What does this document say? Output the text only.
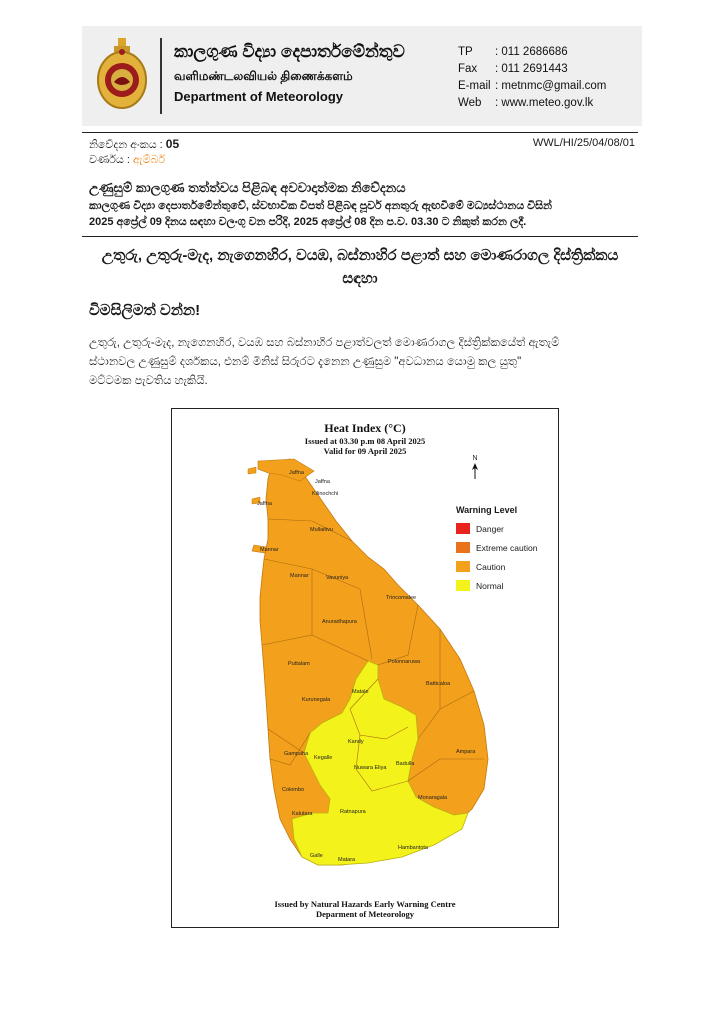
කාලගුණ විද්‍යා දෙපාර්තමේන්තුව
வளிமண்டலவியல் திணைக்களம்
Department of Meteorology
TP	: 011 2686686
Fax	: 011 2691443
E-mail : metnmc@gmail.com
Web	: www.meteo.gov.lk
නිවේදන අංකය : 05	WWL/HI/25/04/08/01
වර්ණය : ඇම්බර්
උණුසුම් කාලගුණ තත්ත්වය පිළිබඳ අවවාදාත්මක නිවේදනය
කාලගුණ විද්‍යා දෙපාර්තමේන්තුවේ, ස්වභාවික විපත් පිළිබඳ පූර්ව අනතුරු ඇඟවීමේ මධ්‍යස්ථානය විසින්
2025 අප්‍රේල් 09 දිනය සඳහා වලංගු වන පරිදි, 2025 අප්‍රේල් 08 දින ප.ව. 03.30 ට නිකුත් කරන ලදී.
උතුරු, උතුරු-මැද, නැගෙනහිර, වයඹ, බස්නාහිර පළාත් සහ මොණරාගල දිස්ත්‍රික්කය
සඳහා
විමසිලිමත් වන්න!
උතුරු, උතුරු-මැද, නැගෙනහිර, වයඹ සහ බස්නාහිර පළාත්වලත් මොණරාගල දිස්ත්‍රික්කයේත් ඇතැම්
ස්ථානවල උණුසුම් දර්ශකය, එනම් මිනිස් සිරුරට දැනෙන උණුසුම "අවධානය යොමු කල යුතු"
මට්ටමක පැවතිය හැකියි.
Heat Index (°C)
Issued at 03.30 p.m 08 April 2025
Valid for 09 April 2025
N
Warning Level
Danger
Extreme caution
Caution
Normal
Jaffna
Jaffna
Jaffna
Kilinochchi
Mullaitivu
Mannar
Mannar	Vavuniya
Trincomalee
Anuradhapura
Puttalam	Polonnaruwa
Matale
Batticaloa
Kurunegala
Kandy
Kegalle
Nuwara Eliya
Badulla
Ampara
Gampaha
Colombo
Monaragala
Ratnapura
Kalutara
Galle
Matara
Hambantota
Issued by Natural Hazards Early Warning Centre
Deparment of Meteorology
